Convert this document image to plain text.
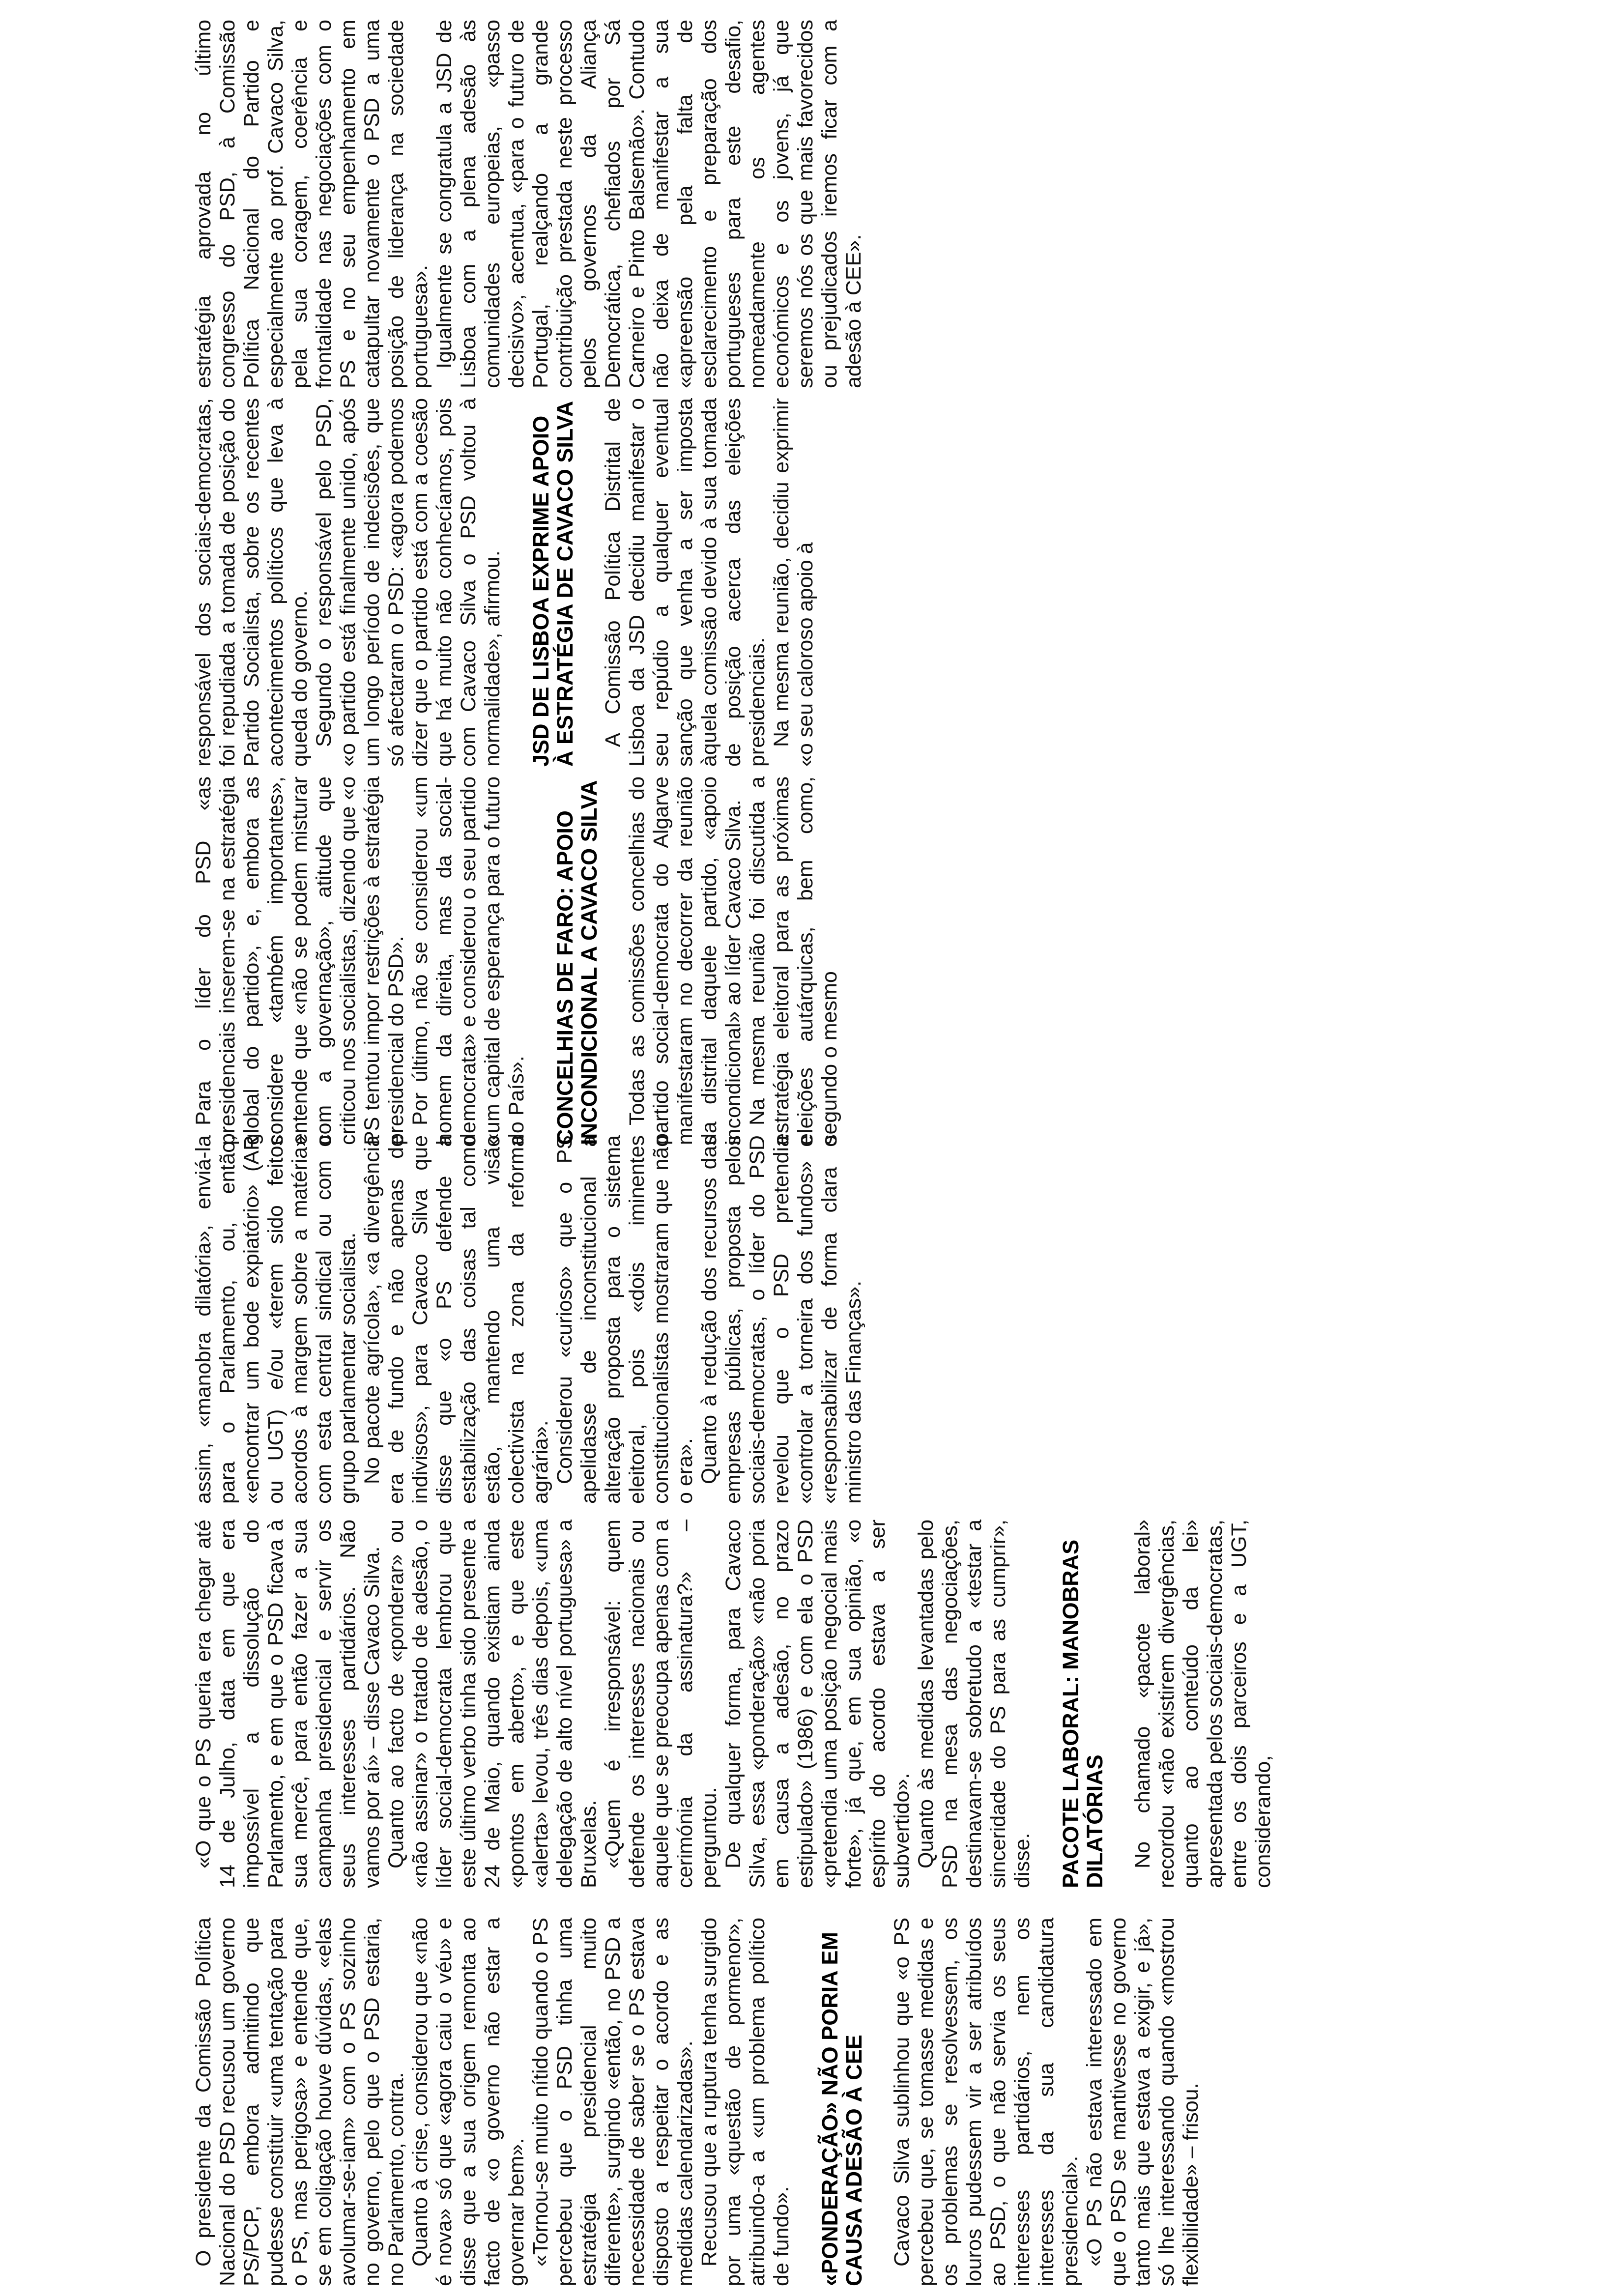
O presidente da Comissão Política Nacional do PSD recusou um governo PS/PCP, embora admitindo que pudesse constituir «uma tentação para o PS, mas perigosa» e entende que, se em coligação houve dúvidas, «elas avolumar-se-iam» com o PS sozinho no governo, pelo que o PSD estaria, no Parlamento, contra. Quanto à crise, considerou que «não é nova» só que «agora caiu o véu» e disse que a sua origem remonta ao facto de «o governo não estar a governar bem». «Tornou-se muito nítido quando o PS percebeu que o PSD tinha uma estratégia presidencial muito diferente», surgindo «então, no PSD a necessidade de saber se o PS estava disposto a respeitar o acordo e as medidas calendarizadas». Recusou que a ruptura tenha surgido por uma «questão de pormenor», atribuindo-a a «um problema político de fundo». «PONDERAÇÃO» NÃO PORIA EM CAUSA ADESÃO À CEE Cavaco Silva sublinhou que «o PS percebeu que, se tomasse medidas e os problemas se resolvessem, os louros pudessem vir a ser atribuídos ao PSD, o que não servia os seus interesses partidários, nem os interesses da sua candidatura presidencial». «O PS não estava interessado em que o PSD se mantivesse no governo tanto mais que estava a exigir, e já», só lhe interessando quando «mostrou flexibilidade» – frisou.

«O que o PS queria era chegar até 14 de Julho, data em que era impossível a dissolução do Parlamento, e em que o PSD ficava à sua mercê, para então fazer a sua campanha presidencial e servir os seus interesses partidários. Não vamos por aí» – disse Cavaco Silva. Quanto ao facto de «ponderar» ou «não assinar» o tratado de adesão, o líder social-democrata lembrou que este último verbo tinha sido presente a 24 de Maio, quando existiam ainda «pontos em aberto», e que este «alerta» levou, três dias depois, «uma delegação de alto nível portuguesa» a Bruxelas. «Quem é irresponsável: quem defende os interesses nacionais ou aquele que se preocupa apenas com a cerimónia da assinatura?» – perguntou. De qualquer forma, para Cavaco Silva, essa «ponderação» «não poria em causa a adesão, no prazo estipulado» (1986) e com ela o PSD «pretendia uma posição negocial mais forte», já que, em sua opinião, «o espírito do acordo estava a ser subvertido». Quanto às medidas levantadas pelo PSD na mesa das negociações, destinavam-se sobretudo a «testar a sinceridade do PS para as cumprir», disse. PACOTE LABORAL: MANOBRAS DILATÓRIAS No chamado «pacote laboral» recordou «não existirem divergências, quanto ao conteúdo da lei» apresentada pelos sociais-democratas, entre os dois parceiros e a UGT, considerando,

assim, «manobra dilatória», enviá-la para o Parlamento, ou, então, «encontrar um bode expiatório» (AR ou UGT) e/ou «terem sido feitos acordos à margem sobre a matéria» com esta central sindical ou com o grupo parlamentar socialista. No pacote agrícola», «a divergência era de fundo e não apenas de indivisos», para Cavaco Silva que disse que «o PS defende a estabilização das coisas tal como estão, mantendo uma visão colectivista na zona da reforma agrária». Considerou «curioso» que o PS apelidasse de inconstitucional a alteração proposta para o sistema eleitoral, pois «dois iminentes constitucionalistas mostraram que não o era». Quanto à redução dos recursos das empresas públicas, proposta pelos sociais-democratas, o líder do PSD revelou que o PSD pretendia «controlar a torneira dos fundos» e «responsabilizar de forma clara o ministro das Finanças».

Para o líder do PSD «as presidenciais inserem-se na estratégia global do partido», e, embora as considere «também importantes», entende que «não se podem misturar com a governação», atitude que criticou nos socialistas, dizendo que «o PS tentou impor restrições à estratégia presidencial do PSD». Por último, não se considerou «um homem da direita, mas da social-democrata» e considerou o seu partido «um capital de esperança para o futuro do País». CONCELHIAS DE FARO: APOIO INCONDICIONAL A CAVACO SILVA Todas as comissões concelhias do partido social-democrata do Algarve manifestaram no decorrer da reunião da distrital daquele partido, «apoio incondicional» ao líder Cavaco Silva. Na mesma reunião foi discutida a estratégia eleitoral para as próximas eleições autárquicas, bem como, segundo o mesmo

responsável dos sociais-democratas, foi repudiada a tomada de posição do Partido Socialista, sobre os recentes acontecimentos políticos que leva à queda do governo. Segundo o responsável pelo PSD, «o partido está finalmente unido, após um longo período de indecisões, que só afectaram o PSD: «agora podemos dizer que o partido está com a coesão que há muito não conhecíamos, pois com Cavaco Silva o PSD voltou à normalidade», afirmou. JSD DE LISBOA EXPRIME APOIO À ESTRATÉGIA DE CAVACO SILVA A Comissão Política Distrital de Lisboa da JSD decidiu manifestar o seu repúdio a qualquer eventual sanção que venha a ser imposta àquela comissão devido à sua tomada de posição acerca das eleições presidenciais. Na mesma reunião, decidiu exprimir «o seu caloroso apoio à

estratégia aprovada no último congresso do PSD, à Comissão Política Nacional do Partido e especialmente ao prof. Cavaco Silva, pela sua coragem, coerência e frontalidade nas negociações com o PS e no seu empenhamento em catapultar novamente o PSD a uma posição de liderança na sociedade portuguesa». Igualmente se congratula a JSD de Lisboa com a plena adesão às comunidades europeias, «passo decisivo», acentua, «para o futuro de Portugal, realçando a grande contribuição prestada neste processo pelos governos da Aliança Democrática, chefiados por Sá Carneiro e Pinto Balsemão». Contudo não deixa de manifestar a sua «apreensão pela falta de esclarecimento e preparação dos portugueses para este desafio, nomeadamente os agentes económicos e os jovens, já que seremos nós os que mais favorecidos ou prejudicados iremos ficar com a adesão à CEE».
